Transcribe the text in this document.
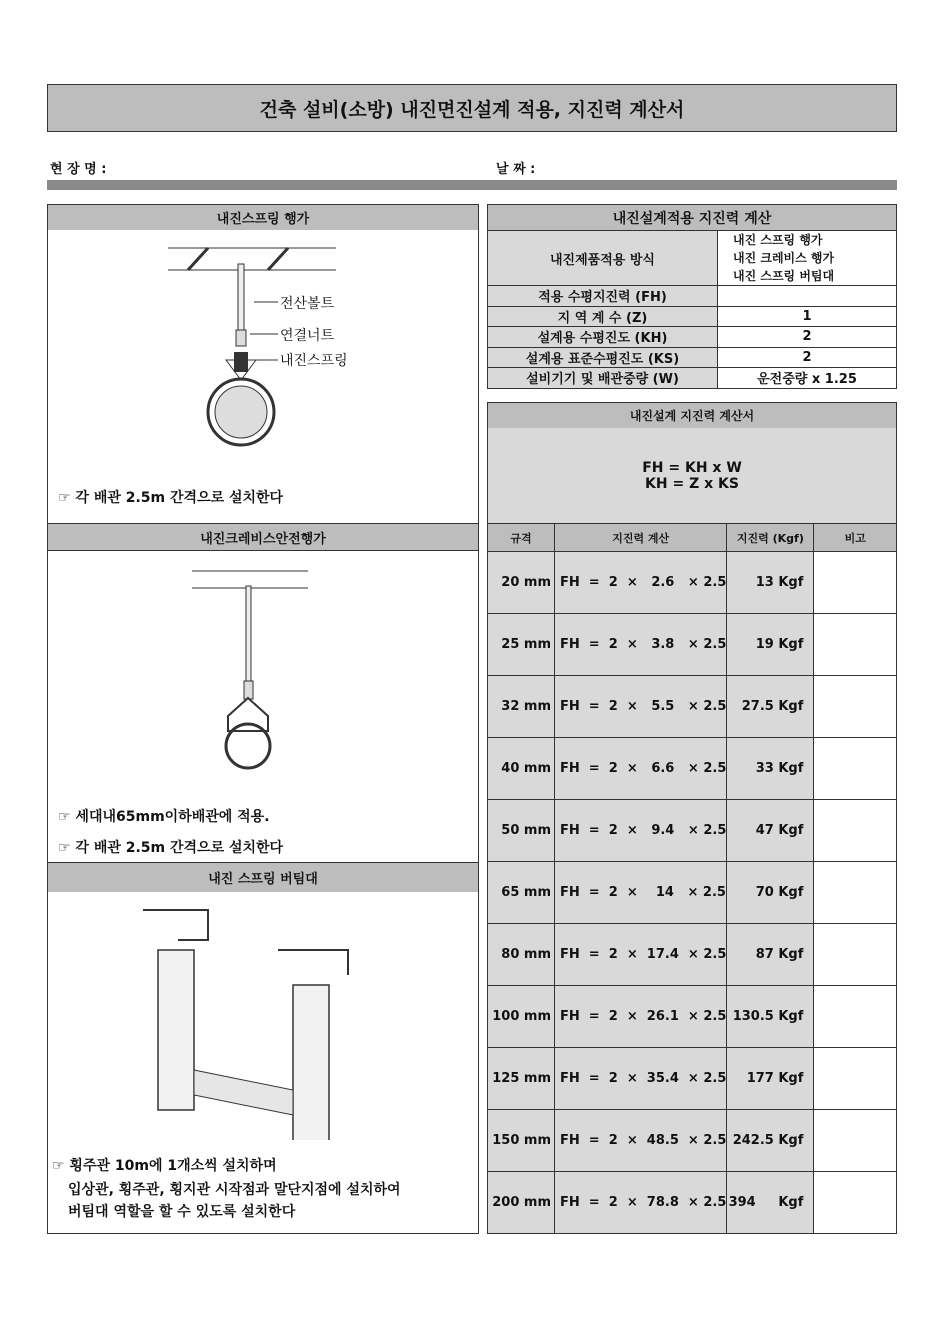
건축 설비(소방) 내진면진설계 적용, 지진력 계산서
현 장 명 :	날 짜 :
내진스프링 행가
전산볼트
연결너트
내진스프링
☞ 각 배관 2.5m 간격으로 설치한다
내진크레비스안전행가
☞ 세대내65mm이하배관에 적용.
☞ 각 배관 2.5m 간격으로 설치한다
내진 스프링 버팀대
☞ 횡주관 10m에 1개소씩 설치하며
입상관, 횡주관, 횡지관 시작점과 말단지점에 설치하여
버팀대 역할을 할 수 있도록 설치한다
내진설계적용 지진력 계산
내진제품적용 방식	내진 스프링 행가
내진 크레비스 행가
내진 스프링 버팀대

적용 수평지진력 (FH)	
지 역 계 수 (Z)	1
설계용 수평진도 (KH)	2
설계용 표준수평진도 (KS)	2
설비기기 및 배관중량 (W)	운전중량 x 1.25
내진설계 지진력 계산서
FH = KH x W
KH = Z x KS
규격	지진력 계산	지진력 (Kgf)	비고
20 mm	FH  =  2  ×   2.6   × 2.5	13 Kgf	
25 mm	FH  =  2  ×   3.8   × 2.5	19 Kgf	
32 mm	FH  =  2  ×   5.5   × 2.5	27.5 Kgf	
40 mm	FH  =  2  ×   6.6   × 2.5	33 Kgf	
50 mm	FH  =  2  ×   9.4   × 2.5	47 Kgf	
65 mm	FH  =  2  ×    14   × 2.5	70 Kgf	
80 mm	FH  =  2  ×  17.4  × 2.5	87 Kgf	
100 mm	FH  =  2  ×  26.1  × 2.5	130.5 Kgf	
125 mm	FH  =  2  ×  35.4  × 2.5	177 Kgf	
150 mm	FH  =  2  ×  48.5  × 2.5	242.5 Kgf	
200 mm	FH  =  2  ×  78.8  × 2.5	394     Kgf	
